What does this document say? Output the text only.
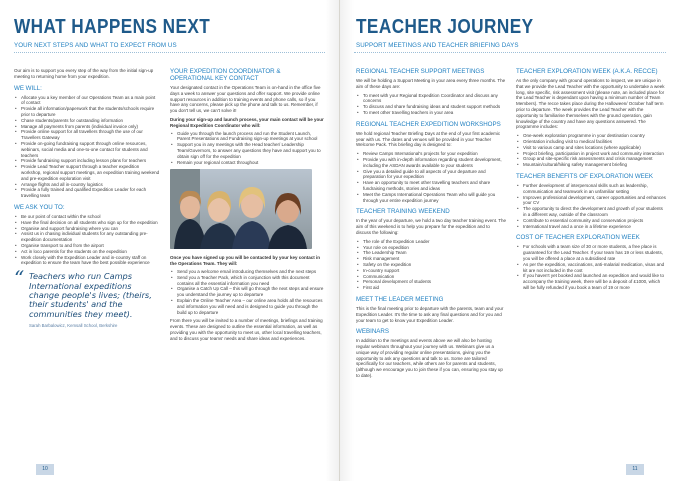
WHAT HAPPENS NEXT
YOUR NEXT STEPS AND WHAT TO EXPECT FROM US
Our aim is to support you every step of the way from the initial sign-up meeting to returning home from your expedition.
WE WILL:
• Allocate you a key member of our Operations Team as a main point of contact
• Provide all information/paperwork that the students/schools require prior to departure
• Chase students/parents for outstanding information
• Manage all payments from parents (individual invoice only)
• Provide online support for all travellers through the use of our Travellers Gateway
• Provide on-going fundraising support through online resources, webinars, social media and one-to-one contact for students and teachers
• Provide fundraising support including lesson plans for teachers
• Provide Lead Teacher support through a teacher expedition workshop, regional support meetings, an expedition training weekend and pre-expedition exploration visit
• Arrange flights and all in-country logistics
• Provide a fully trained and qualified Expedition Leader for each travelling team
WE ASK YOU TO:
• Be our point of contact within the school
• Have the final decision on all students who sign up for the expedition
• Organise and support fundraising where you can
• Assist us in chasing individual students for any outstanding pre-expedition documentation
• Organise transport to and from the airport
• Act in loco parentis for the students on the expedition
• Work closely with the Expedition Leader and in-country staff on expedition to ensure the team have the best possible experience
“ Teachers who run Camps International expeditions change people's lives; (theirs, their students' and the communities they meet).
Sarah Barbalowicz, Kemsall School, Berkshire
YOUR EXPEDITION COORDINATOR & OPERATIONAL KEY CONTACT
Your designated contact in the Operations Team is on-hand in the office five days a week to answer your questions and offer support. We provide online support resources in addition to training events and phone calls, so if you have any concerns, please pick up the phone and talk to us. Remember, if you don't tell us, we can't solve it!
During your sign-up and launch process, your main contact will be your Regional Expedition Coordinator who will:
• Guide you through the launch process and run the Student Launch, Parent Presentations and Fundraising sign-up meetings at your school
• Support you in any meetings with the Head teacher/ Leadership Team/Governors, to answer any questions they have and support you to obtain sign off for the expedition
• Remain your regional contact throughout
Once you have signed up you will be contacted by your key contact in the Operations Team. They will:
• Send you a welcome email introducing themselves and the next steps
• Send you a Teacher Pack, which in conjunction with this document contains all the essential information you need
• Organise a Catch Up Call – this will go through the next steps and ensure you understand the journey up to departure
• Explain the Online Teacher Area – our online area holds all the resources and information you will need and is designed to guide you through the build up to departure
From there you will be invited to a number of meetings, briefings and training events. These are designed to outline the essential information, as well as providing you with the opportunity to meet us, other local travelling teachers, and to discuss your teams' needs and share ideas and experiences.
10
TEACHER JOURNEY
SUPPORT MEETINGS AND TEACHER BRIEFING DAYS
REGIONAL TEACHER SUPPORT MEETINGS
We will be holding a Support Meeting in your area every three months. The aim of these days are:
• To meet with your Regional Expedition Coordinator and discuss any concerns
• To discuss and share fundraising ideas and student support methods
• To meet other travelling teachers in your area
REGIONAL TEACHER EXPEDITION WORKSHOPS
We hold regional Teacher Briefing Days at the end of your first academic year with us. The dates and venues will be provided in your Teacher Welcome Pack. This briefing day is designed to:
• Review Camps International's projects for your expedition
• Provide you with in-depth information regarding student development, including the ASDAN awards available to your students
• Give you a detailed guide to all aspects of your departure and preparation for your expedition
• Have an opportunity to meet other travelling teachers and share fundraising methods, stories and ideas
• Meet the Camps International Operations Team who will guide you through your entire expedition journey
TEACHER TRAINING WEEKEND
In the year of your departure, we hold a two day teacher training event. The aim of this weekend is to help you prepare for the expedition and to discuss the following:
• The role of the Expedition Leader
• Your role on expedition
• The Leadership Team
• Risk management
• Safety on the expedition
• In-country support
• Communication
• Personal development of students
• First aid
MEET THE LEADER MEETING
This is the final meeting prior to departure with the parents, team and your Expedition Leader. It's the time to ask any final questions and for you and your team to get to know your Expedition Leader.
WEBINARS
In addition to the meetings and events above we will also be hosting regular webinars throughout your journey with us. Webinars give us a unique way of providing regular online presentations, giving you the opportunity to ask any questions and talk to us. Some are tailored specifically for our teachers, while others are for parents and students, (although we encourage you to join these if you can, ensuring you stay up to date).
TEACHER EXPLORATION WEEK (A.K.A. RECCE)
As the only company with ground operations to inspect, we are unique in that we provide the Lead Teacher with the opportunity to undertake a week long, site specific, risk assessment visit (please note, an included place for the Lead Teacher is dependant upon having a minimum number of Team Members). The recce takes place during the Halloween/ October half term prior to departure. The week provides the Lead Teacher with the opportunity to familiarise themselves with the ground operation, gain knowledge of the country and have any questions answered. The programme includes:
• One-week exploration programme in your destination country
• Orientation including visit to medical facilities
• Visit to various camp and sites locations (where applicable)
• Project briefing, participation in project work and community interaction
• Group and site-specific risk assessments and crisis management
• Mountain/cultural/hiking safety management briefing
TEACHER BENEFITS OF EXPLORATION WEEK
• Further development of interpersonal skills such as leadership, communication and teamwork in an unfamiliar setting
• Improves professional development, career opportunities and enhances your CV
• The opportunity to direct the development and growth of your students in a different way, outside of the classroom
• Contribute to essential community and conservation projects
• International travel and a once in a lifetime experience
COST OF TEACHER EXPLORATION WEEK
• For schools with a team size of 30 or more students, a free place is guaranteed for the Lead Teacher. If your team has 19 or less students, you will be offered a place at a subsidised rate
• As per the expedition, vaccinations, anti-malarial medication, visas and kit are not included in the cost
• If you haven't yet booked and launched an expedition and would like to accompany the training week, there will be a deposit of £1000, which will be fully refunded if you book a team of 19 or more
11
